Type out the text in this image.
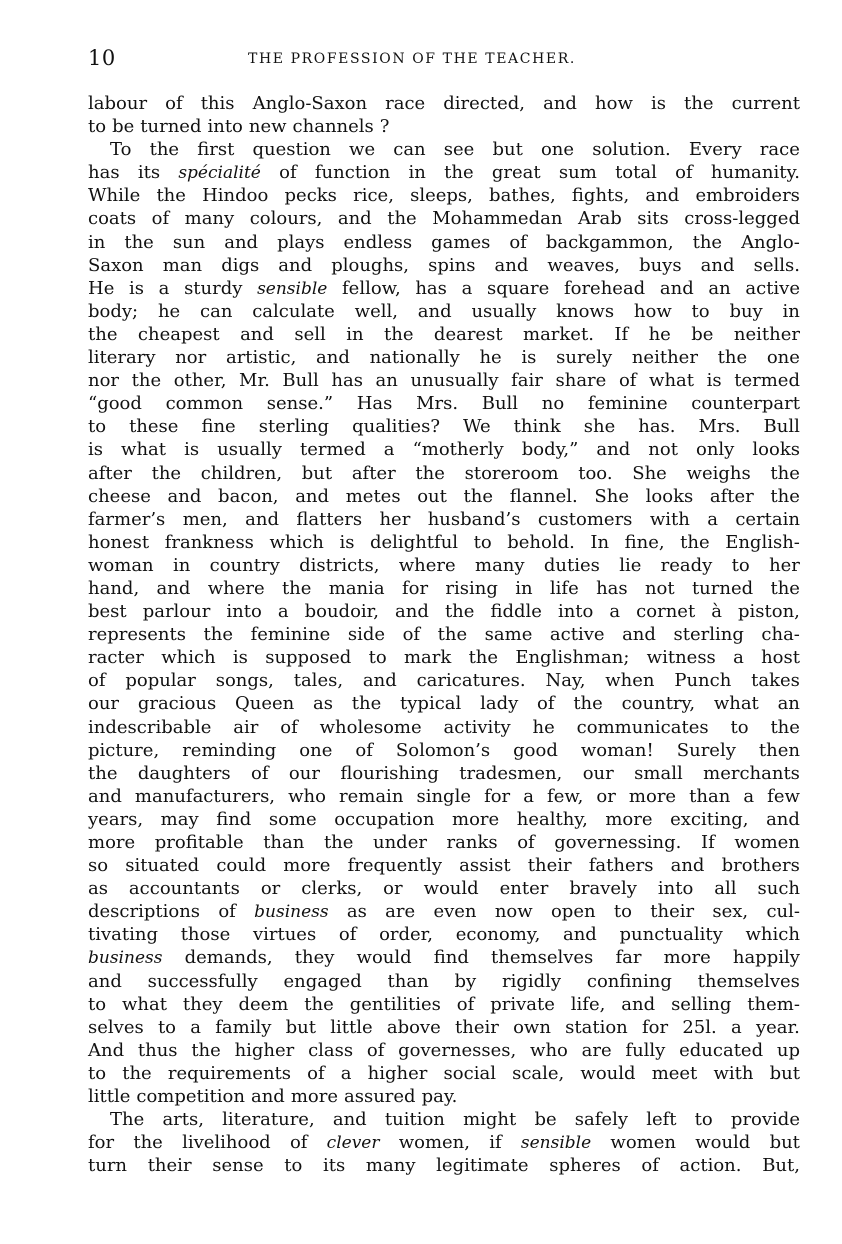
10	THE PROFESSION OF THE TEACHER.
labour of this Anglo-Saxon race directed, and how is the current
to be turned into new channels ?
To the first question we can see but one solution. Every race
has its spécialité of function in the great sum total of humanity.
While the Hindoo pecks rice, sleeps, bathes, fights, and embroiders
coats of many colours, and the Mohammedan Arab sits cross-legged
in the sun and plays endless games of backgammon, the Anglo-
Saxon man digs and ploughs, spins and weaves, buys and sells.
He is a sturdy sensible fellow, has a square forehead and an active
body; he can calculate well, and usually knows how to buy in
the cheapest and sell in the dearest market. If he be neither
literary nor artistic, and nationally he is surely neither the one
nor the other, Mr. Bull has an unusually fair share of what is termed
“good common sense.” Has Mrs. Bull no feminine counterpart
to these fine sterling qualities? We think she has. Mrs. Bull
is what is usually termed a “motherly body,” and not only looks
after the children, but after the storeroom too. She weighs the
cheese and bacon, and metes out the flannel. She looks after the
farmer’s men, and flatters her husband’s customers with a certain
honest frankness which is delightful to behold. In fine, the English-
woman in country districts, where many duties lie ready to her
hand, and where the mania for rising in life has not turned the
best parlour into a boudoir, and the fiddle into a cornet à piston,
represents the feminine side of the same active and sterling cha-
racter which is supposed to mark the Englishman; witness a host
of popular songs, tales, and caricatures. Nay, when Punch takes
our gracious Queen as the typical lady of the country, what an
indescribable air of wholesome activity he communicates to the
picture, reminding one of Solomon’s good woman! Surely then
the daughters of our flourishing tradesmen, our small merchants
and manufacturers, who remain single for a few, or more than a few
years, may find some occupation more healthy, more exciting, and
more profitable than the under ranks of governessing. If women
so situated could more frequently assist their fathers and brothers
as accountants or clerks, or would enter bravely into all such
descriptions of business as are even now open to their sex, cul-
tivating those virtues of order, economy, and punctuality which
business demands, they would find themselves far more happily
and successfully engaged than by rigidly confining themselves
to what they deem the gentilities of private life, and selling them-
selves to a family but little above their own station for 25l. a year.
And thus the higher class of governesses, who are fully educated up
to the requirements of a higher social scale, would meet with but
little competition and more assured pay.
The arts, literature, and tuition might be safely left to provide
for the livelihood of clever women, if sensible women would but
turn their sense to its many legitimate spheres of action. But,
